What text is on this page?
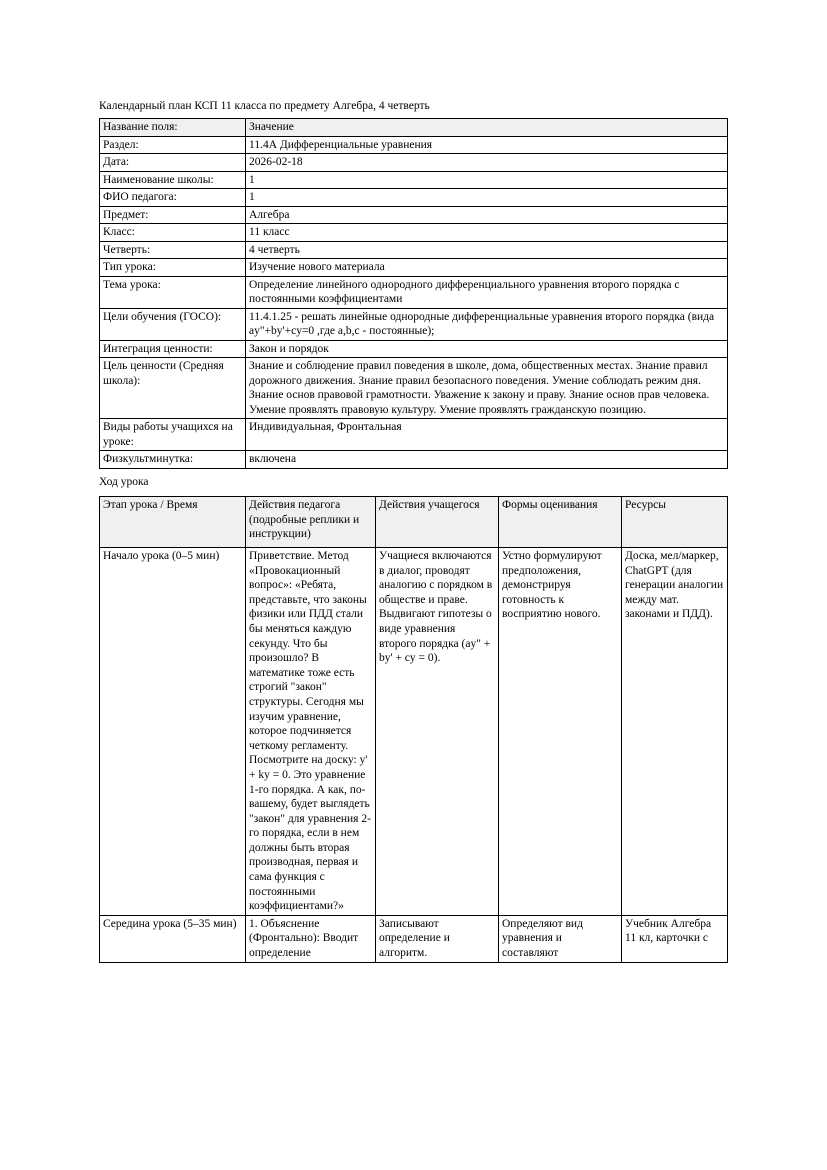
Календарный план КСП 11 класса по предмету Алгебра, 4 четверть
Название поля:	Значение
Раздел:	11.4А Дифференциальные уравнения
Дата:	2026-02-18
Наименование школы:	1
ФИО педагога:	1
Предмет:	Алгебра
Класс:	11 класс
Четверть:	4 четверть
Тип урока:	Изучение нового материала
Тема урока:	Определение линейного однородного дифференциального уравнения второго порядка с постоянными коэффициентами
Цели обучения (ГОСО):	11.4.1.25 - решать линейные однородные дифференциальные уравнения второго порядка (вида ay"+by'+cy=0 ,где a,b,c - постоянные);
Интеграция ценности:	Закон и порядок
Цель ценности (Средняя школа):	Знание и соблюдение правил поведения в школе, дома, общественных местах. Знание правил дорожного движения. Знание правил безопасного поведения. Умение соблюдать режим дня. Знание основ правовой грамотности. Уважение к закону и праву. Знание основ прав человека. Умение проявлять правовую культуру. Умение проявлять гражданскую позицию.
Виды работы учащихся на уроке:	Индивидуальная, Фронтальная
Физкультминутка:	включена
Ход урока
Этап урока / Время	Действия педагога (подробные реплики и инструкции)	Действия учащегося	Формы оценивания	Ресурсы
Начало урока (0–5 мин)	Приветствие. Метод «Провокационный вопрос»: «Ребята, представьте, что законы физики или ПДД стали бы меняться каждую секунду. Что бы произошло? В математике тоже есть строгий "закон" структуры. Сегодня мы изучим уравнение, которое подчиняется четкому регламенту. Посмотрите на доску: y' + ky = 0. Это уравнение 1-го порядка. А как, по-вашему, будет выглядеть "закон" для уравнения 2-го порядка, если в нем должны быть вторая производная, первая и сама функция с постоянными коэффициентами?»	Учащиеся включаются в диалог, проводят аналогию с порядком в обществе и праве. Выдвигают гипотезы о виде уравнения второго порядка (ay" + by' + cy = 0).	Устно формулируют предположения, демонстрируя готовность к восприятию нового.	Доска, мел/маркер, ChatGPT (для генерации аналогии между мат. законами и ПДД).
Середина урока (5–35 мин)	1. Объяснение (Фронтально): Вводит определение	Записывают определение и алгоритм.	Определяют вид уравнения и составляют	Учебник Алгебра 11 кл, карточки с
